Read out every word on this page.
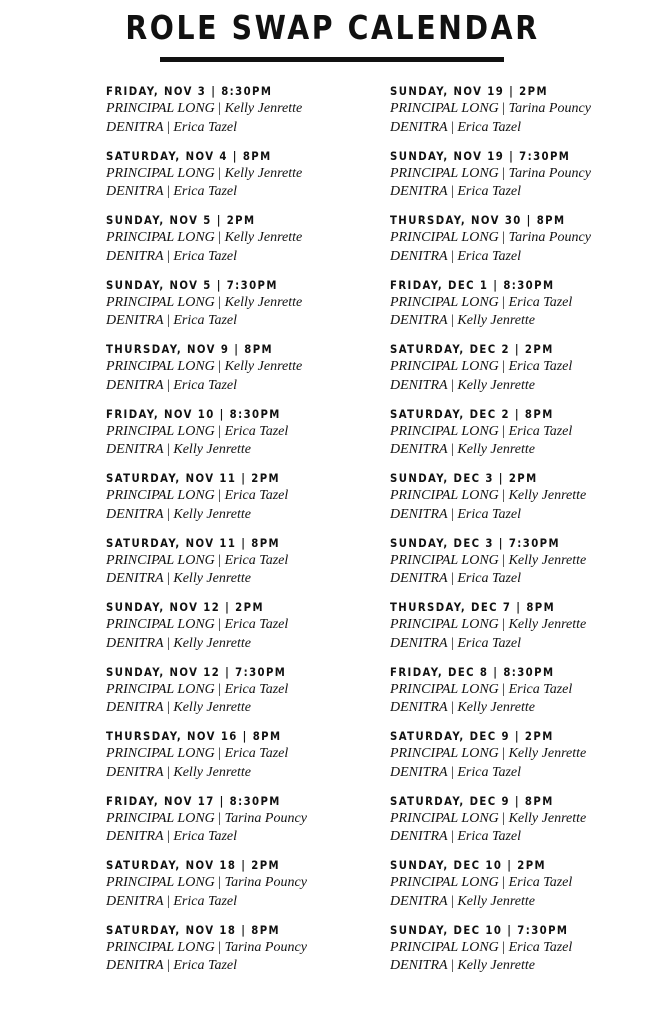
ROLE SWAP CALENDAR
FRIDAY, NOV 3 | 8:30PM
PRINCIPAL LONG | Kelly Jenrette
DENITRA | Erica Tazel
SATURDAY, NOV 4 | 8PM
PRINCIPAL LONG | Kelly Jenrette
DENITRA | Erica Tazel
SUNDAY, NOV 5 | 2PM
PRINCIPAL LONG | Kelly Jenrette
DENITRA | Erica Tazel
SUNDAY, NOV 5 | 7:30PM
PRINCIPAL LONG | Kelly Jenrette
DENITRA | Erica Tazel
THURSDAY, NOV 9 | 8PM
PRINCIPAL LONG | Kelly Jenrette
DENITRA | Erica Tazel
FRIDAY, NOV 10 | 8:30PM
PRINCIPAL LONG | Erica Tazel
DENITRA | Kelly Jenrette
SATURDAY, NOV 11 | 2PM
PRINCIPAL LONG | Erica Tazel
DENITRA | Kelly Jenrette
SATURDAY, NOV 11 | 8PM
PRINCIPAL LONG | Erica Tazel
DENITRA | Kelly Jenrette
SUNDAY, NOV 12 | 2PM
PRINCIPAL LONG | Erica Tazel
DENITRA | Kelly Jenrette
SUNDAY, NOV 12 | 7:30PM
PRINCIPAL LONG | Erica Tazel
DENITRA | Kelly Jenrette
THURSDAY, NOV 16 | 8PM
PRINCIPAL LONG | Erica Tazel
DENITRA | Kelly Jenrette
FRIDAY, NOV 17 | 8:30PM
PRINCIPAL LONG | Tarina Pouncy
DENITRA | Erica Tazel
SATURDAY, NOV 18 | 2PM
PRINCIPAL LONG | Tarina Pouncy
DENITRA | Erica Tazel
SATURDAY, NOV 18 | 8PM
PRINCIPAL LONG | Tarina Pouncy
DENITRA | Erica Tazel
SUNDAY, NOV 19 | 2PM
PRINCIPAL LONG | Tarina Pouncy
DENITRA | Erica Tazel
SUNDAY, NOV 19 | 7:30PM
PRINCIPAL LONG | Tarina Pouncy
DENITRA | Erica Tazel
THURSDAY, NOV 30 | 8PM
PRINCIPAL LONG | Tarina Pouncy
DENITRA | Erica Tazel
FRIDAY, DEC 1 | 8:30PM
PRINCIPAL LONG | Erica Tazel
DENITRA | Kelly Jenrette
SATURDAY, DEC 2 | 2PM
PRINCIPAL LONG | Erica Tazel
DENITRA | Kelly Jenrette
SATURDAY, DEC 2 | 8PM
PRINCIPAL LONG | Erica Tazel
DENITRA | Kelly Jenrette
SUNDAY, DEC 3 | 2PM
PRINCIPAL LONG | Kelly Jenrette
DENITRA | Erica Tazel
SUNDAY, DEC 3 | 7:30PM
PRINCIPAL LONG | Kelly Jenrette
DENITRA | Erica Tazel
THURSDAY, DEC 7 | 8PM
PRINCIPAL LONG | Kelly Jenrette
DENITRA | Erica Tazel
FRIDAY, DEC 8 | 8:30PM
PRINCIPAL LONG | Erica Tazel
DENITRA | Kelly Jenrette
SATURDAY, DEC 9 | 2PM
PRINCIPAL LONG | Kelly Jenrette
DENITRA | Erica Tazel
SATURDAY, DEC 9 | 8PM
PRINCIPAL LONG | Kelly Jenrette
DENITRA | Erica Tazel
SUNDAY, DEC 10 | 2PM
PRINCIPAL LONG | Erica Tazel
DENITRA | Kelly Jenrette
SUNDAY, DEC 10 | 7:30PM
PRINCIPAL LONG | Erica Tazel
DENITRA | Kelly Jenrette
